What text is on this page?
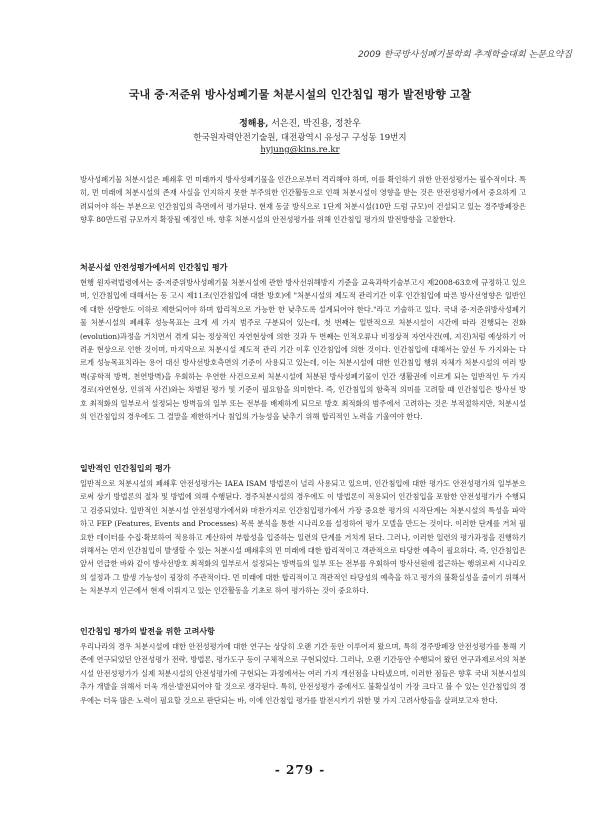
2009 한국방사성폐기물학회 추계학술대회 논문요약집
국내 중·저준위 방사성폐기물 처분시설의 인간침입 평가 발전방향 고찰
정해용, 서은진, 박진용, 정찬우
한국원자력안전기술원, 대전광역시 유성구 구성동 19번지
hyjung@kins.re.kr

방사성폐기물 처분시설은 폐쇄후 먼 미래까지 방사성폐기물을 인간으로부터 격리해야 하며, 이를 확인하기 위한 안전성평가는 필수적이다. 특히, 먼 미래에 처분시설의 존재 사실을 인지하지 못한 부주의한 인간활동으로 인해 처분시설이 영향을 받는 것은 안전성평가에서 중요하게 고려되어야 하는 부분으로 인간침입의 측면에서 평가된다. 현재 동굴 방식으로 1단계 처분시설(10만 드럼 규모)이 건설되고 있는 경주방폐장은 향후 80만드럼 규모까지 확장될 예정인 바, 향후 처분시설의 안전성평가를 위해 인간침입 평가의 발전방향을 고찰한다.

처분시설 안전성평가에서의 인간침입 평가

현행 원자력법령에서는 중·저준위방사성폐기물 처분시설에 관한 방사선위해방지 기준을 교육과학기술부고시 제2008-63호에 규정하고 있으며, 인간침입에 대해서는 동 고시 제11조(인간침입에 대한 방호)에 "처분시설의 제도적 관리기간 이후 인간침입에 따른 방사선영향은 일반인에 대한 선량한도 이하로 제한되어야 하며 합리적으로 가능한 한 낮추도록 설계되어야 한다."라고 기술하고 있다. 국내 중·저준위방사성폐기물 처분시설의 폐쇄후 성능목표는 크게 세 가지 범주로 구분되어 있는데, 첫 번째는 일반적으로 처분시설이 시간에 따라 진행되는 진화(evolution)과정을 거치면서 겪게 되는 정상적인 자연현상에 의한 것과 두 번째는 인적오류나 비정상적 자연사건(예, 지진)처럼 예상하기 어려운 현상으로 인한 것이며, 마지막으로 처분시설 제도적 관리 기간 이후 인간침입에 의한 것이다. 인간침입에 대해서는 앞선 두 가지와는 다르게 성능목표치라는 용어 대신 방사선방호측면의 기준이 사용되고 있는데, 이는 처분시설에 대한 인간침입 행위 자체가 처분시설의 여러 방벽(공학적 방벽, 천연방벽)을 우회하는 우연한 사건으로써 처분시설에 처분된 방사성폐기물이 인간 생활권에 이르게 되는 일반적인 두 가지 경로(자연현상, 인위적 사건)와는 차별된 평가 및 기준이 필요함을 의미한다. 즉, 인간침입의 함축적 의미를 고려할 때 인간침입은 방사선 방호 최적화의 일부로서 설정되는 방벽들의 일부 또는 전부를 배제하게 되므로 방호 최적화의 범주에서 고려하는 것은 부적절하지만, 처분시설의 인간침입의 경우에도 그 결말을 제한하거나 침입의 가능성을 낮추기 위해 합리적인 노력을 기울여야 한다.

일반적인 인간침입의 평가

일반적으로 처분시설의 폐쇄후 안전성평가는 IAEA ISAM 방법론이 널리 사용되고 있으며, 인간침입에 대한 평가도 안전성평가의 일부분으로써 상기 방법론의 절차 및 방법에 의해 수행된다. 경주처분시설의 경우에도 이 방법론이 적용되어 인간침입을 포함한 안전성평가가 수행되고 검증되었다. 일반적인 처분시설 안전성평가에서와 마찬가지로 인간침입평가에서 가장 중요한 평가의 시작단계는 처분시설의 특성을 파악하고 FEP (Features, Events and Processes) 목록 분석을 통한 시나리오를 설정하여 평가 모델을 만드는 것이다. 이러한 단계를 거쳐 필요한 데이터를 수집·확보하여 적용하고 계산하여 부합성을 입증하는 일련의 단계를 거치게 된다. 그러나, 이러한 일련의 평가과정을 진행하기 위해서는 먼저 인간침입이 발생할 수 있는 처분시설 폐쇄후의 먼 미래에 대한 합리적이고 객관적으로 타당한 예측이 필요하다. 즉, 인간침입은 앞서 언급한 바와 같이 방사선방호 최적화의 일부로서 설정되는 방벽들의 일부 또는 전부를 우회하여 방사선원에 접근하는 행위로써 시나리오의 설정과 그 발생 가능성이 굉장히 주관적이다. 먼 미래에 대한 합리적이고 객관적인 타당성의 예측을 하고 평가의 불확실성을 줄이기 위해서는 처분부지 인근에서 현재 이뤄지고 있는 인간활동을 기초로 하여 평가하는 것이 중요하다.

인간침입 평가의 발전을 위한 고려사항

우리나라의 경우 처분시설에 대한 안전성평가에 대한 연구는 상당히 오랜 기간 동안 이루어져 왔으며, 특히 경주방폐장 안전성평가를 통해 기존에 연구되었던 안전성평가 전략, 방법론, 평가도구 등이 구체적으로 구현되었다. 그러나, 오랜 기간동안 수행되어 왔던 연구과제로서의 처분시설 안전성평가가 실제 처분시설의 안전성평가에 구현되는 과정에서는 여러 가지 개선점을 나타냈으며, 이러한 점들은 향후 국내 처분시설의 추가 개발을 위해서 더욱 개선·발전되어야 할 것으로 생각된다. 특히, 안전성평가 중에서도 불확실성이 가장 크다고 볼 수 있는 인간침입의 경우에는 더욱 많은 노력이 필요할 것으로 판단되는 바, 이에 인간침입 평가를 발전시키기 위한 몇 가지 고려사항들을 살펴보고자 한다.

- 279 -
